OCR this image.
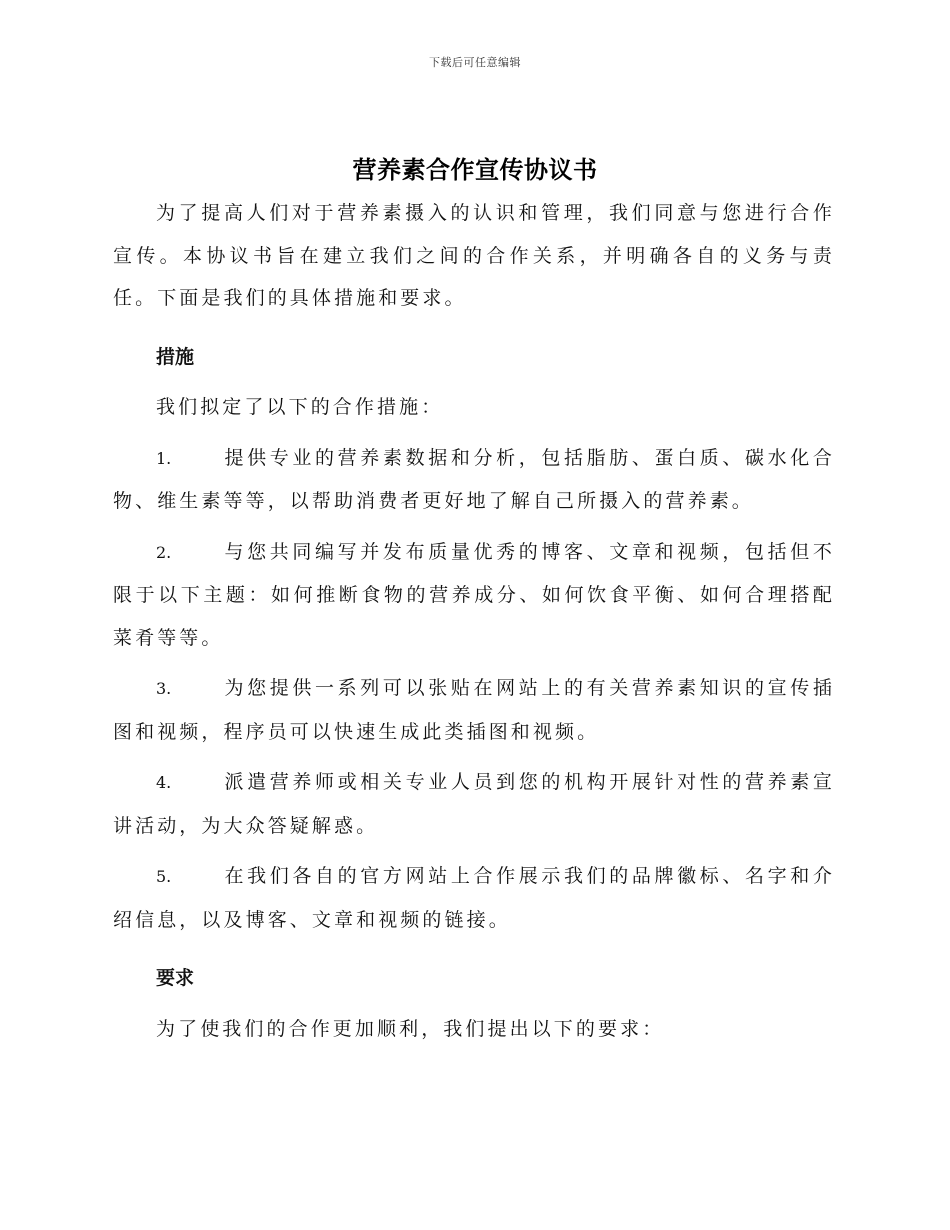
下载后可任意编辑
营养素合作宣传协议书

为了提高人们对于营养素摄入的认识和管理，我们同意与您进行合作宣传。本协议书旨在建立我们之间的合作关系，并明确各自的义务与责任。下面是我们的具体措施和要求。

措施

我们拟定了以下的合作措施：

1.	提供专业的营养素数据和分析，包括脂肪、蛋白质、碳水化合物、维生素等等，以帮助消费者更好地了解自己所摄入的营养素。

2.	与您共同编写并发布质量优秀的博客、文章和视频，包括但不限于以下主题：如何推断食物的营养成分、如何饮食平衡、如何合理搭配菜肴等等。

3.	为您提供一系列可以张贴在网站上的有关营养素知识的宣传插图和视频，程序员可以快速生成此类插图和视频。

4.	派遣营养师或相关专业人员到您的机构开展针对性的营养素宣讲活动，为大众答疑解惑。

5.	在我们各自的官方网站上合作展示我们的品牌徽标、名字和介绍信息，以及博客、文章和视频的链接。

要求

为了使我们的合作更加顺利，我们提出以下的要求：
